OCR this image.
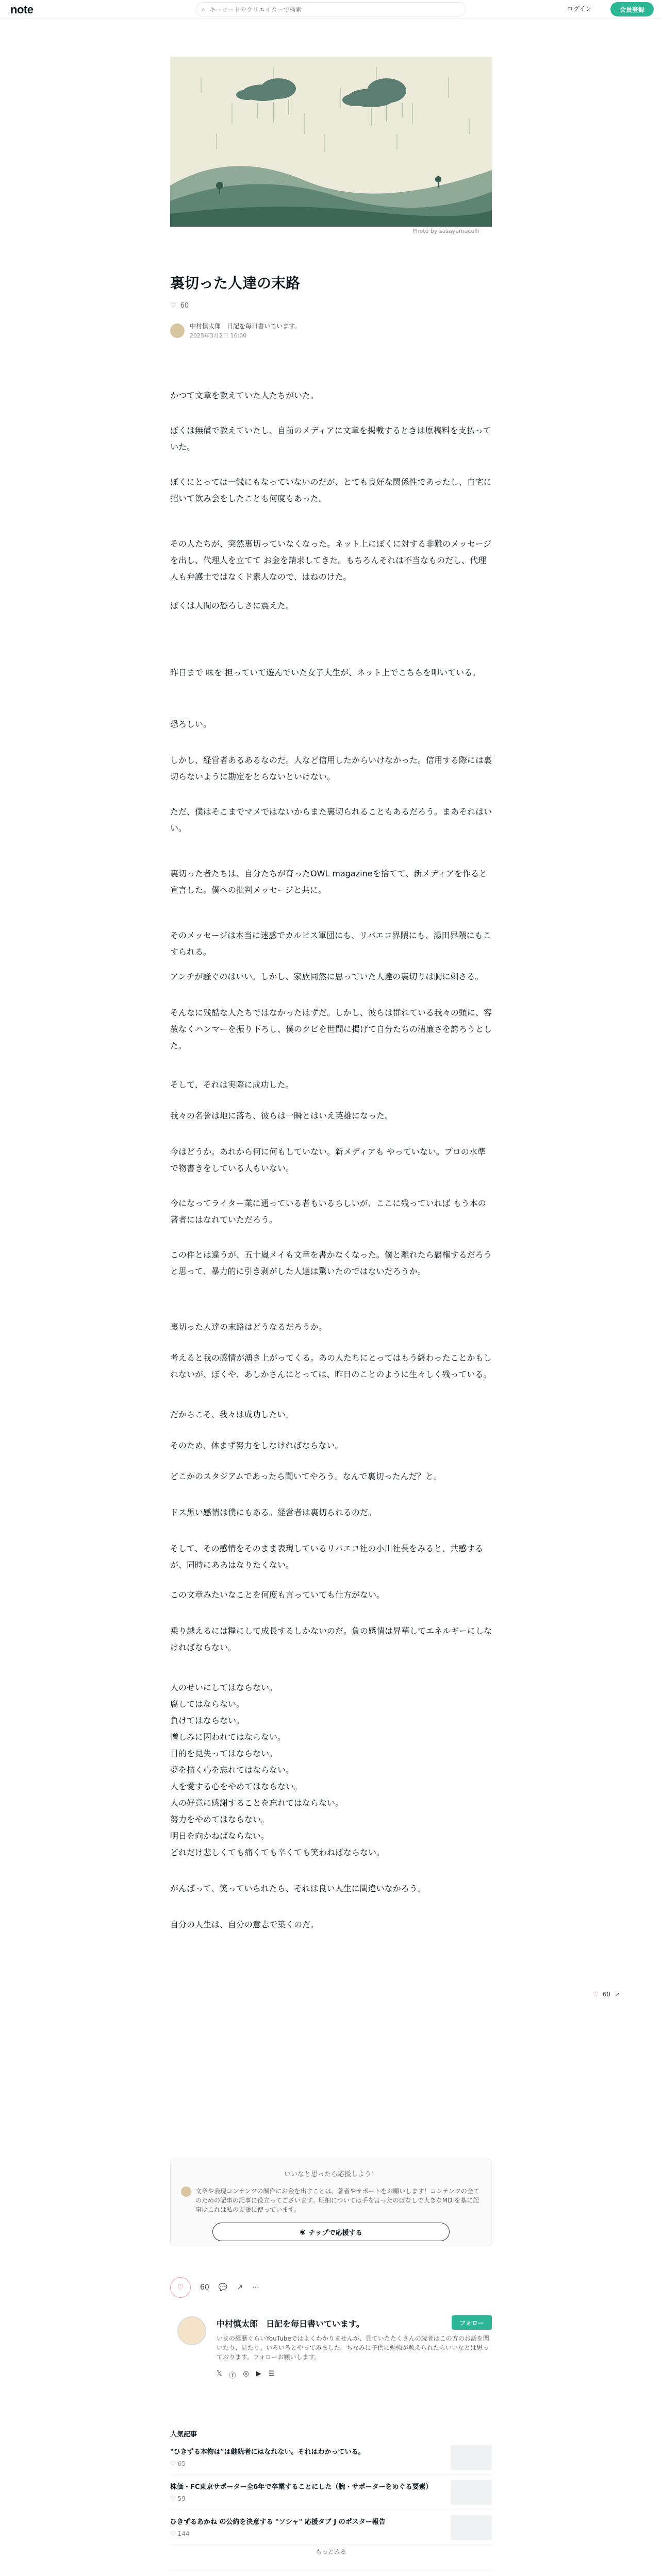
note	⌕ キーワードやクリエイターで検索	ログイン	会員登録
Photo by sasayamacolli
裏切った人達の末路
♡ 60
中村慎太郎　日記を毎日書いています。
2025年3月2日 16:00
かつて文章を教えていた人たちがいた。
ぼくは無償で教えていたし、自前のメディアに文章を掲載するときは原稿料を支払っていた。
ぼくにとっては一銭にもなっていないのだが、とても良好な関係性であったし、自宅に招いて飲み会をしたことも何度もあった。
その人たちが、突然裏切っていなくなった。ネット上にぼくに対する非難のメッセージを出し、代理人を立てて お金を請求してきた。もちろんそれは不当なものだし、代理人も弁護士ではなくド素人なので、はねのけた。
ぼくは人間の恐ろしさに震えた。
昨日まで 味を 担っていて遊んでいた女子大生が、ネット上でこちらを叩いている。
恐ろしい。
しかし、経営者あるあるなのだ。人など信用したからいけなかった。信用する際には裏切らないように勘定をとらないといけない。
ただ、僕はそこまでマメではないからまた裏切られることもあるだろう。まあそれはいい。
裏切った者たちは、自分たちが育ったOWL magazineを捨てて、新メディアを作ると宣言した。僕への批判メッセージと共に。
そのメッセージは本当に迷惑でカルピス軍団にも、リバエコ界隈にも、湯田界隈にもこすられる。
アンチが騒ぐのはいい。しかし、家族同然に思っていた人達の裏切りは胸に刺さる。
そんなに残酷な人たちではなかったはずだ。しかし、彼らは群れている我々の頭に、容赦なくハンマーを振り下ろし、僕のクビを世間に掲げて自分たちの清廉さを誇ろうとした。
そして、それは実際に成功した。
我々の名誉は地に落ち、彼らは一瞬とはいえ英雄になった。
今はどうか。あれから何に何もしていない。新メディアも やっていない。プロの水準で物書きをしている人もいない。
今になってライター業に通っている者もいるらしいが、ここに残っていれば もう本の著者にはなれていただろう。
この件とは違うが、五十嵐メイも文章を書かなくなった。僕と離れたら覇権するだろうと思って、暴力的に引き剥がした人達は驚いたのではないだろうか。
裏切った人達の末路はどうなるだろうか。
考えると我の感情が湧き上がってくる。あの人たちにとってはもう終わったことかもしれないが、ぼくや、あしかさんにとっては、昨日のことのように生々しく残っている。
だからこそ、我々は成功したい。
そのため、休まず努力をしなければならない。
どこかのスタジアムであったら聞いてやろう。なんで裏切ったんだ？と。
ドス黒い感情は僕にもある。経営者は裏切られるのだ。
そして、その感情をそのまま表現しているリバエコ社の小川社長をみると、共感するが、同時にああはなりたくない。
この文章みたいなことを何度も言っていても仕方がない。
乗り越えるには糧にして成長するしかないのだ。負の感情は昇華してエネルギーにしなければならない。
人のせいにしてはならない。
腐してはならない。
負けてはならない。
憎しみに囚われてはならない。
目的を見失ってはならない。
夢を描く心を忘れてはならない。
人を愛する心をやめてはならない。
人の好意に感謝することを忘れてはならない。
努力をやめてはならない。
明日を向かねばならない。
どれだけ悲しくても痛くても辛くても笑わねばならない。
がんばって、笑っていられたら、それは良い人生に間違いなかろう。
自分の人生は、自分の意志で築くのだ。
いいなと思ったら応援しよう！
文章や表現コンテンツの制作にお金を出すことは、著者やサポートをお願いします！コンテンツの全てのための記事の記事に役立ってございます。明細については手を言ったのばなしで大きなMD を基に記事はこれは私の支援に使っています。
◉ チップで応援する
♡ 60 💬 ↗ ⋯
中村慎太郎　日記を毎日書いています。	フォロー
いまの経歴ぐらいYouTubeではよくわかりませんが、見ていたたくさんの読者はこの方のお話を聞いたり、見たり。いろいろとやってみました。ちなみに子供に勉強が教えられたらいいなとは思っております。フォローお願いします。
𝕏 ⓕ ◎ ▶ ☰
人気記事
"ひきずる本物は"は継続者にはなれない。それはわかっている。
♡ 65
株価・FC東京サポーター全6年で卒業することにした（腕・サポーターをめぐる要素）
♡ 59
ひきずるあかね の公約を決意する "ソシャ" 応援タブ J のポスター報告
♡ 144
もっとみる
♡ 60 ↗
